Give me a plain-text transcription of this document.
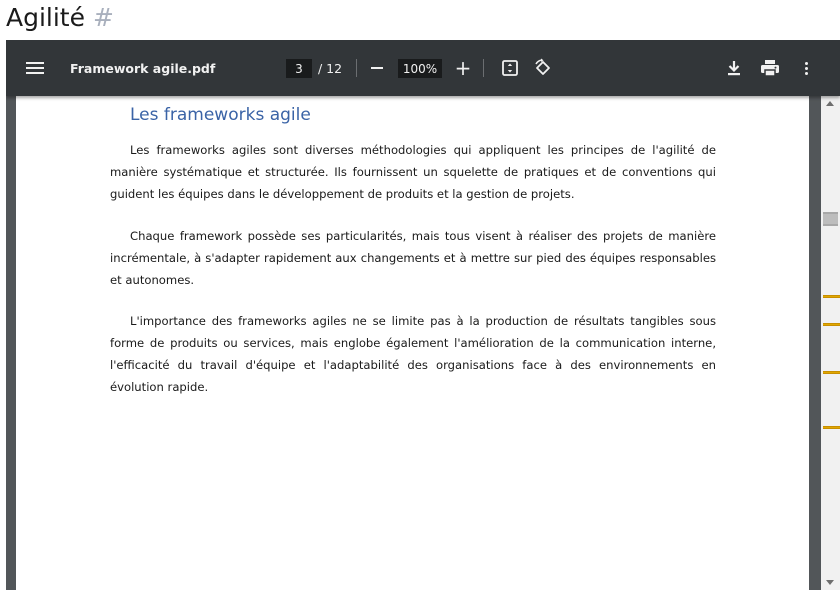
Agilité #
Framework agile.pdf	3	/ 12	100% +
Les frameworks agile

Les frameworks agiles sont diverses méthodologies qui appliquent les principes de l'agilité de manière systématique et structurée. Ils fournissent un squelette de pratiques et de conventions qui guident les équipes dans le développement de produits et la gestion de projets.

Chaque framework possède ses particularités, mais tous visent à réaliser des projets de manière incrémentale, à s'adapter rapidement aux changements et à mettre sur pied des équipes responsables et autonomes.

L'importance des frameworks agiles ne se limite pas à la production de résultats tangibles sous forme de produits ou services, mais englobe également l'amélioration de la communication interne, l'efficacité du travail d'équipe et l'adaptabilité des organisations face à des environnements en évolution rapide.
